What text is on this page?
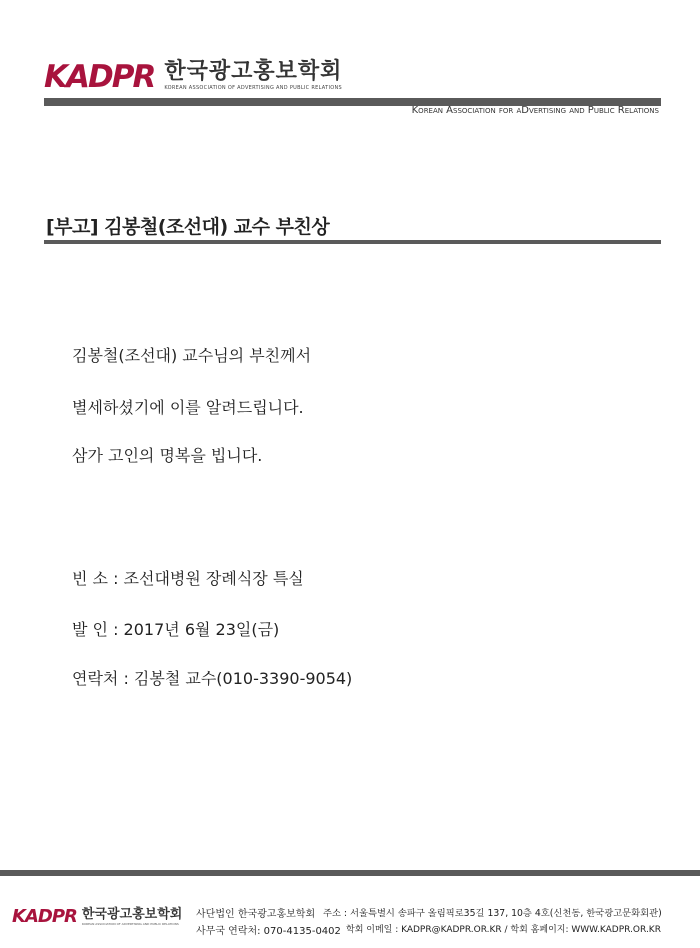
KADPR 한국광고홍보학회
KOREAN ASSOCIATION OF ADVERTISING AND PUBLIC RELATIONS
Korean Association for aDvertising and Public Relations
[부고] 김봉철(조선대) 교수 부친상
김봉철(조선대) 교수님의 부친께서
별세하셨기에 이를 알려드립니다.
삼가 고인의 명복을 빕니다.
빈 소 : 조선대병원 장례식장 특실
발 인 : 2017년 6월 23일(금)
연락처 : 김봉철 교수(010-3390-9054)
KADPR 한국광고홍보학회
KOREAN ASSOCIATION OF ADVERTISING AND PUBLIC RELATIONS
사단법인 한국광고홍보학회
사무국 연락처: 070-4135-0402
주소 : 서울특별시 송파구 올림픽로35길 137, 10층 4호(신천동, 한국광고문화회관)
학회 이메일 : KADPR@KADPR.OR.KR / 학회 홈페이지: WWW.KADPR.OR.KR
